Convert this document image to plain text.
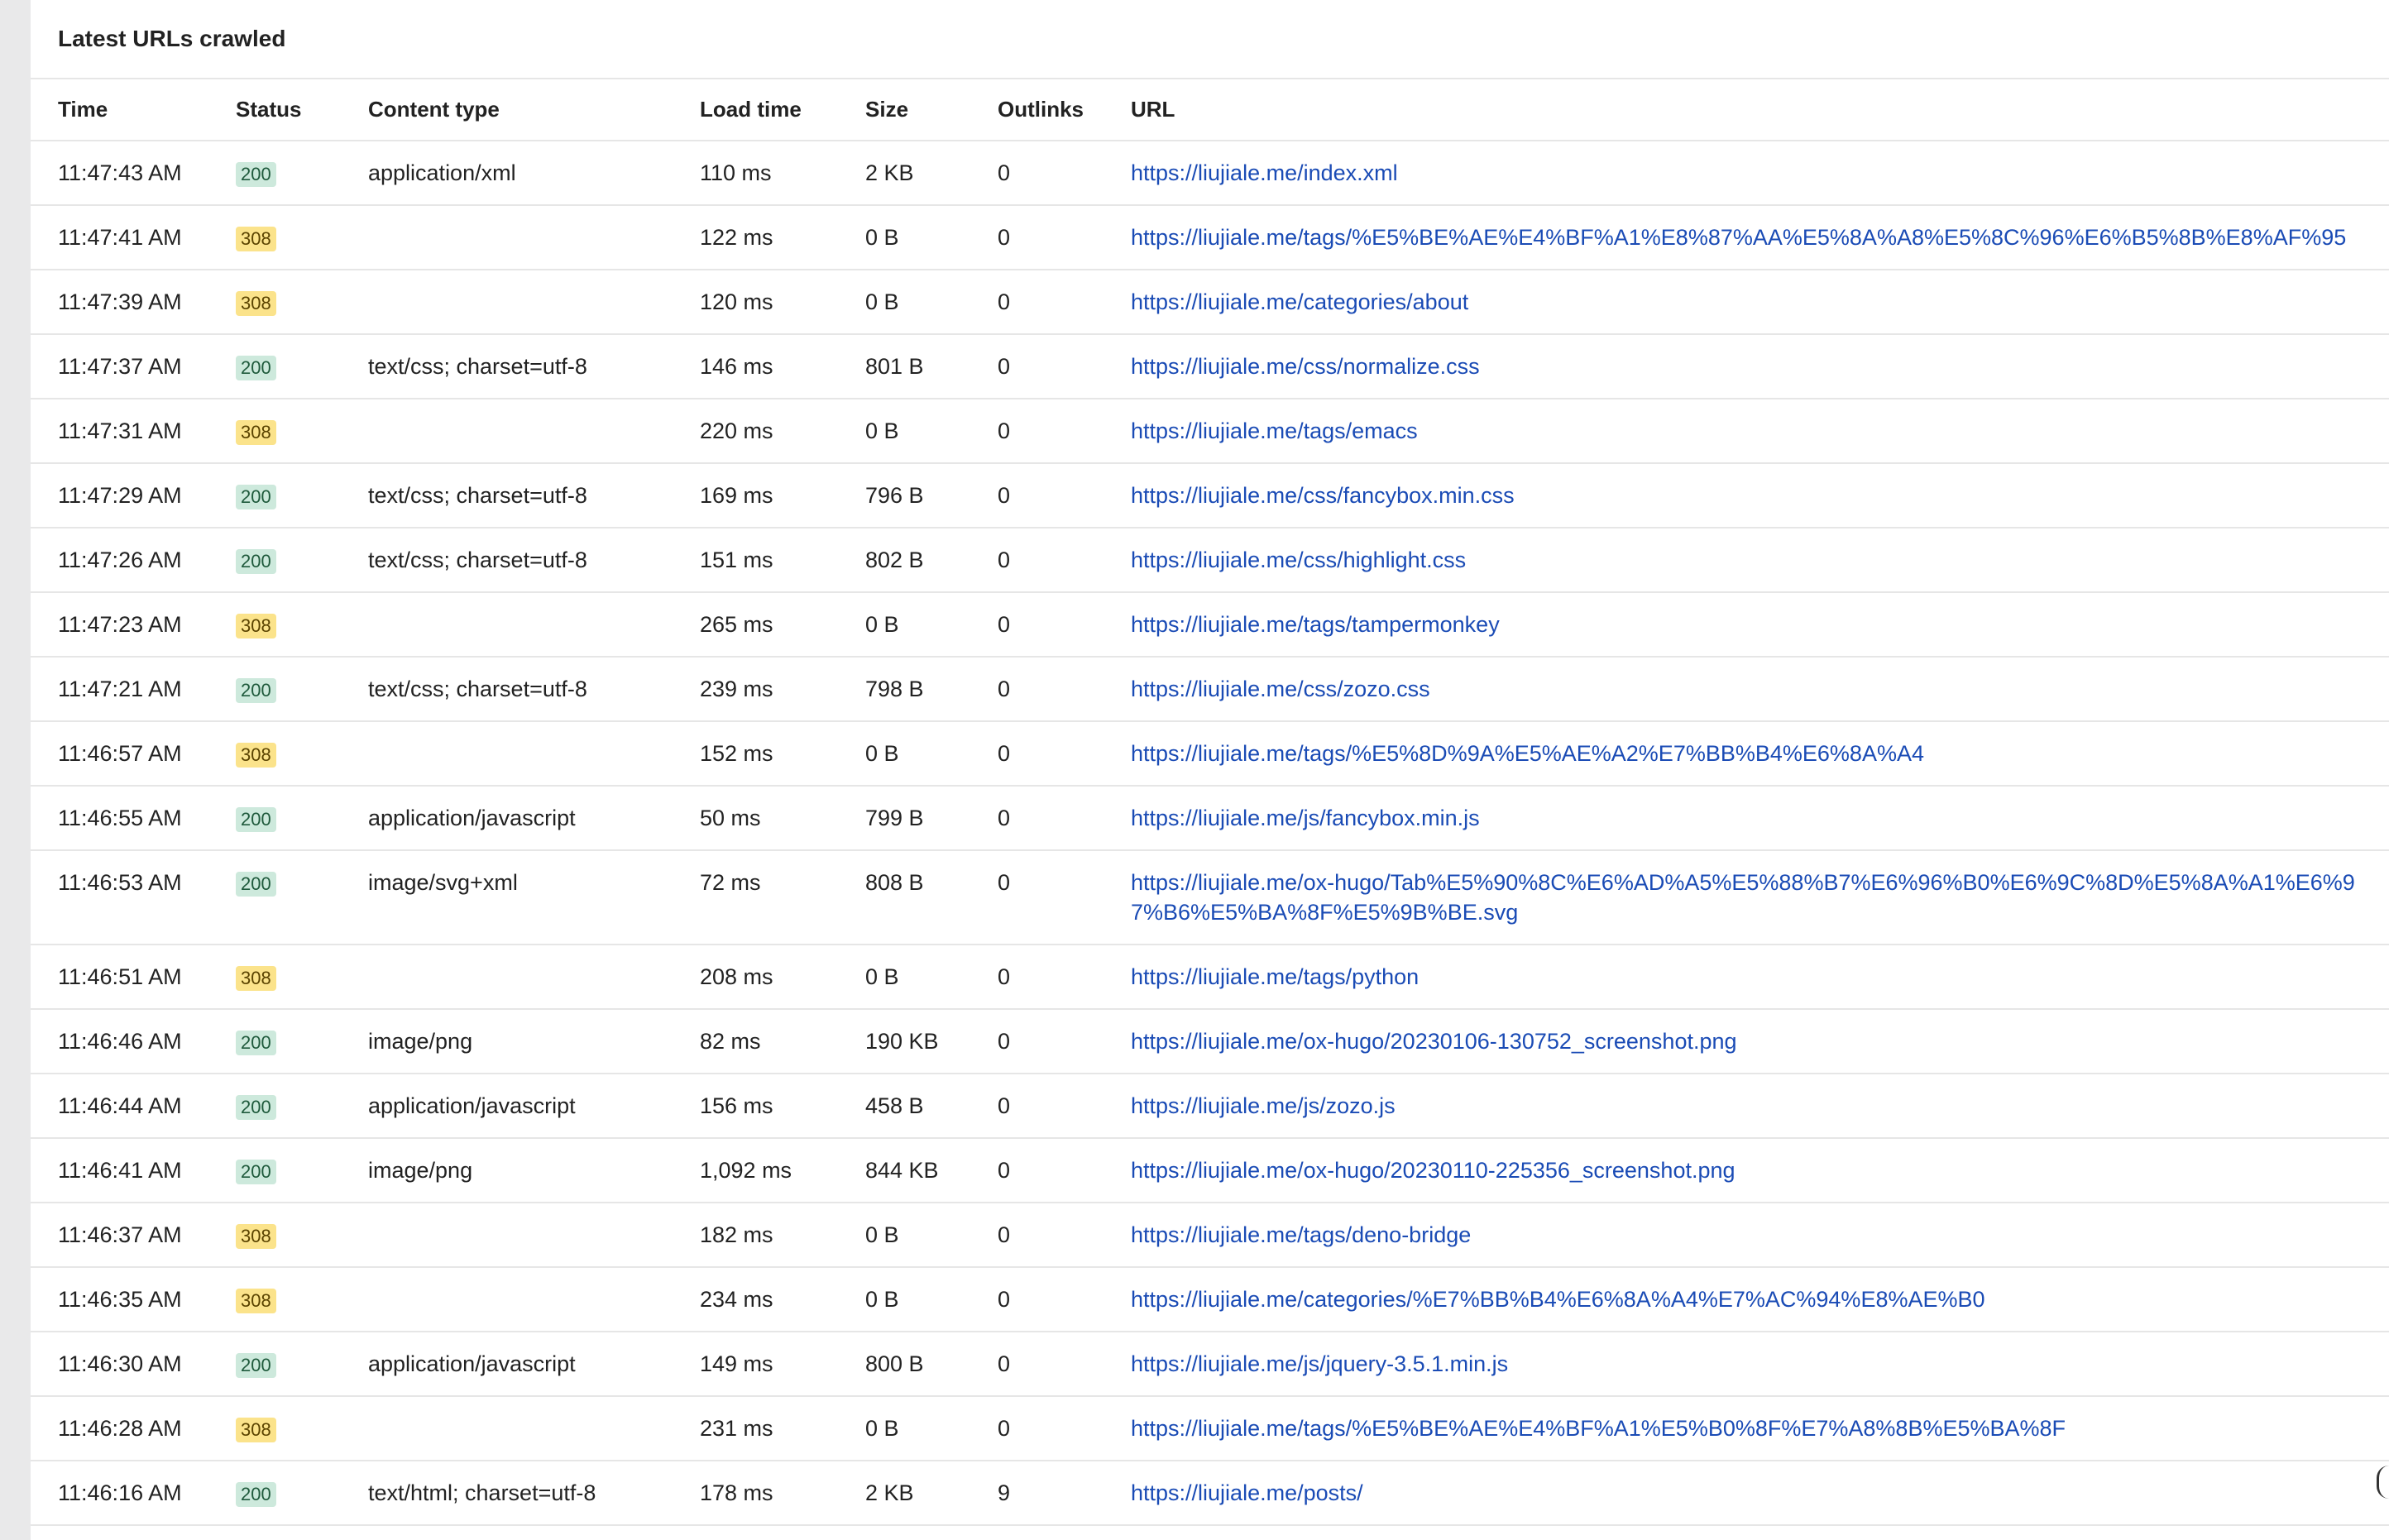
Latest URLs crawled
Time	Status	Content type	Load time	Size	Outlinks	URL
11:47:43 AM	200	application/xml	110 ms	2 KB	0	https://liujiale.me/index.xml

11:47:41 AM	308		122 ms	0 B	0	https://liujiale.me/tags/%E5%BE%AE%E4%BF%A1%E8%87%AA%E5%8A%A8%E5%8C%96%E6%B5%8B%E8%AF%95

11:47:39 AM	308		120 ms	0 B	0	https://liujiale.me/categories/about

11:47:37 AM	200	text/css; charset=utf-8	146 ms	801 B	0	https://liujiale.me/css/normalize.css

11:47:31 AM	308		220 ms	0 B	0	https://liujiale.me/tags/emacs

11:47:29 AM	200	text/css; charset=utf-8	169 ms	796 B	0	https://liujiale.me/css/fancybox.min.css

11:47:26 AM	200	text/css; charset=utf-8	151 ms	802 B	0	https://liujiale.me/css/highlight.css

11:47:23 AM	308		265 ms	0 B	0	https://liujiale.me/tags/tampermonkey

11:47:21 AM	200	text/css; charset=utf-8	239 ms	798 B	0	https://liujiale.me/css/zozo.css

11:46:57 AM	308		152 ms	0 B	0	https://liujiale.me/tags/%E5%8D%9A%E5%AE%A2%E7%BB%B4%E6%8A%A4

11:46:55 AM	200	application/javascript	50 ms	799 B	0	https://liujiale.me/js/fancybox.min.js

11:46:53 AM	200	image/svg+xml	72 ms	808 B	0	https://liujiale.me/ox-hugo/Tab%E5%90%8C%E6%AD%A5%E5%88%B7%E6%96%B0%E6%9C%8D%E5%8A%A1%E6%97%B6%E5%BA%8F%E5%9B%BE.svg

11:46:51 AM	308		208 ms	0 B	0	https://liujiale.me/tags/python

11:46:46 AM	200	image/png	82 ms	190 KB	0	https://liujiale.me/ox-hugo/20230106-130752_screenshot.png

11:46:44 AM	200	application/javascript	156 ms	458 B	0	https://liujiale.me/js/zozo.js

11:46:41 AM	200	image/png	1,092 ms	844 KB	0	https://liujiale.me/ox-hugo/20230110-225356_screenshot.png

11:46:37 AM	308		182 ms	0 B	0	https://liujiale.me/tags/deno-bridge

11:46:35 AM	308		234 ms	0 B	0	https://liujiale.me/categories/%E7%BB%B4%E6%8A%A4%E7%AC%94%E8%AE%B0

11:46:30 AM	200	application/javascript	149 ms	800 B	0	https://liujiale.me/js/jquery-3.5.1.min.js

11:46:28 AM	308		231 ms	0 B	0	https://liujiale.me/tags/%E5%BE%AE%E4%BF%A1%E5%B0%8F%E7%A8%8B%E5%BA%8F

11:46:16 AM	200	text/html; charset=utf-8	178 ms	2 KB	9	https://liujiale.me/posts/
